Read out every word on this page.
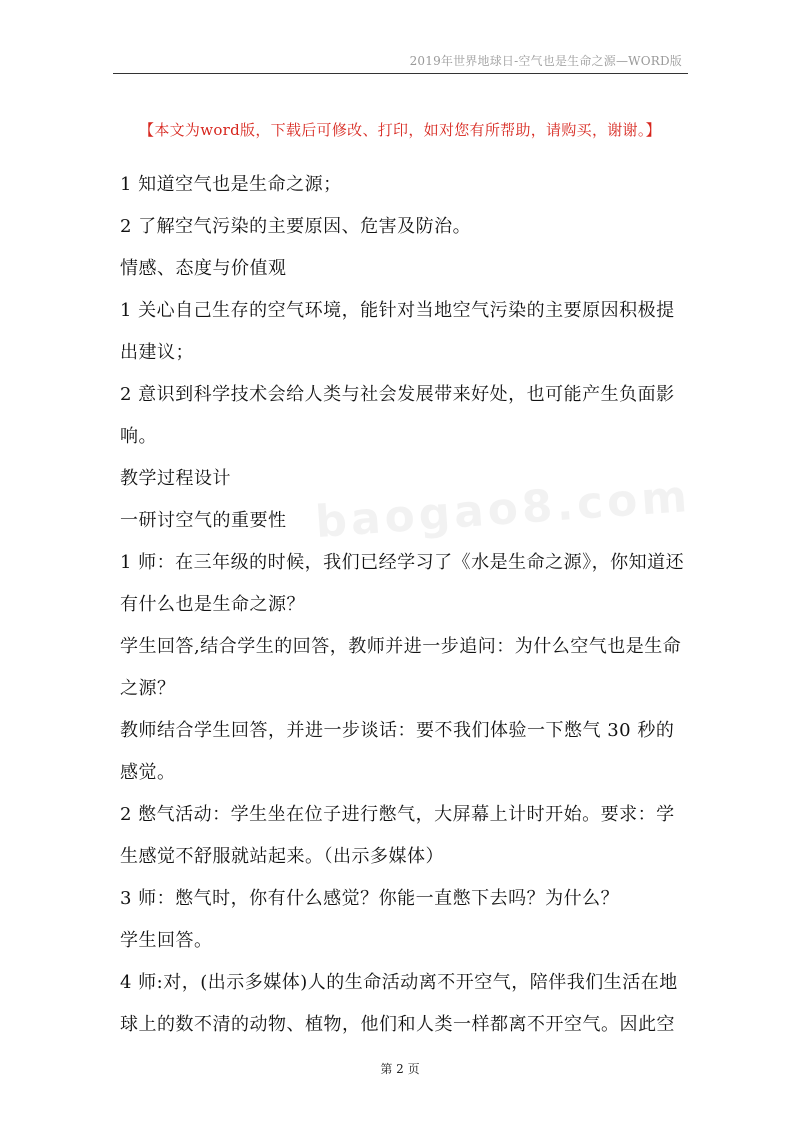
2019年世界地球日-空气也是生命之源—WORD版
【本文为word版，下载后可修改、打印，如对您有所帮助，请购买，谢谢。】
baogao8.com

1 知道空气也是生命之源；

2 了解空气污染的主要原因、危害及防治。

情感、态度与价值观

1 关心自己生存的空气环境，能针对当地空气污染的主要原因积极提出建议；

2 意识到科学技术会给人类与社会发展带来好处，也可能产生负面影响。

教学过程设计

一研讨空气的重要性

1 师：在三年级的时候，我们已经学习了《水是生命之源》，你知道还有什么也是生命之源？

学生回答,结合学生的回答，教师并进一步追问：为什么空气也是生命之源？

教师结合学生回答，并进一步谈话：要不我们体验一下憋气 30 秒的感觉。

2 憋气活动：学生坐在位子进行憋气，大屏幕上计时开始。要求：学生感觉不舒服就站起来。（出示多媒体）

3 师：憋气时，你有什么感觉？你能一直憋下去吗？为什么？

学生回答。

4 师:对，(出示多媒体)人的生命活动离不开空气，陪伴我们生活在地球上的数不清的动物、植物，他们和人类一样都离不开空气。因此空

第 2 页
